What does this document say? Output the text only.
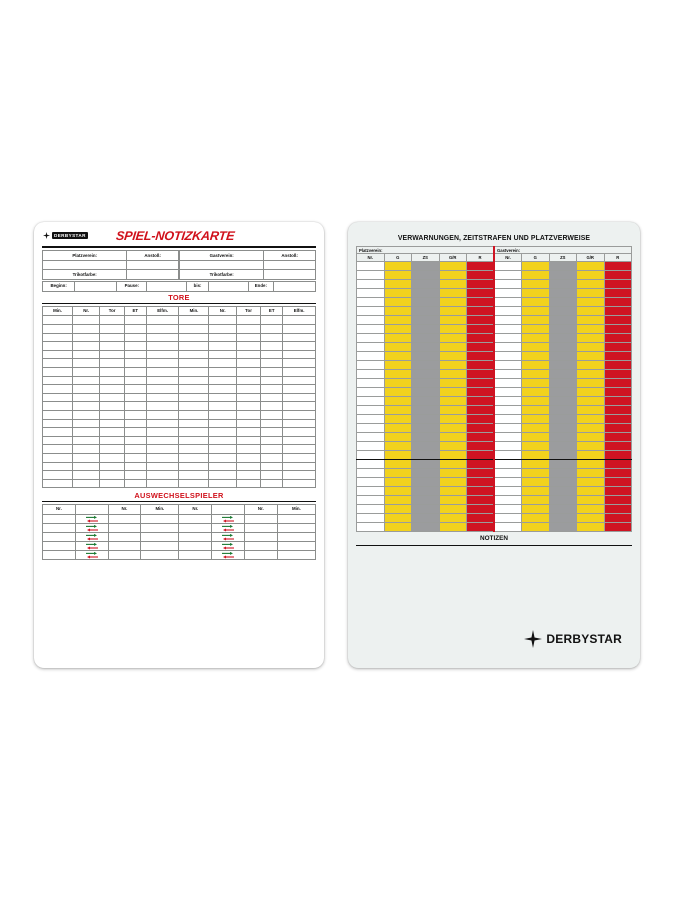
DERBYSTAR SPIEL-NOTIZKARTE
Platzverein:	Anstoß:

Trikotfarbe:	
Gastverein:	Anstoß:

Trikotfarbe:	
Beginn:		Pause:		bis:		Ende:	
TORE
Min.	Nr.	Tor	ET	Elfm.	Min.	Nr.	Tor	ET	Elfm.

AUSWECHSELSPIELER
Nr.		Nr.	Min.	Nr.		Nr.	Min.

VERWARNUNGEN, ZEITSTRAFEN UND PLATZVERWEISE
Platzverein:					Gastverein:				
Nr.	G	ZS	G/R	R	Nr.	G	ZS	G/R	R

NOTIZEN
DERBYSTAR
